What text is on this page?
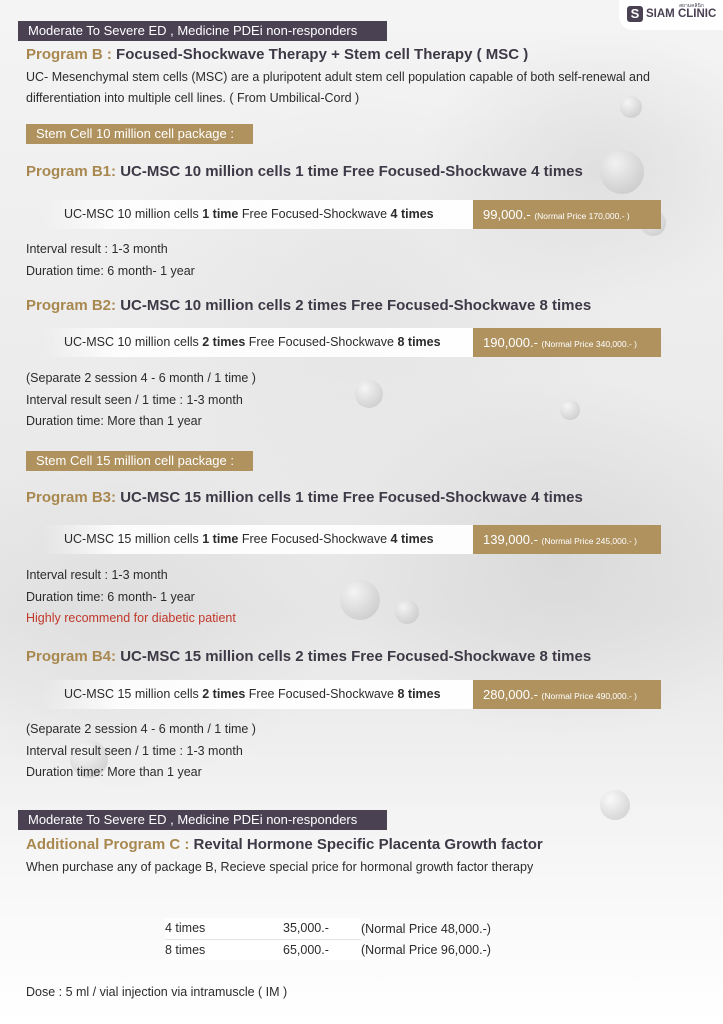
S	สยามคลินิก
SIAM CLINIC
Moderate To Severe ED , Medicine PDEi non-responders
Program B : Focused-Shockwave Therapy + Stem cell Therapy ( MSC )
UC- Mesenchymal stem cells (MSC) are a pluripotent adult stem cell population capable of both self-renewal and
differentiation into multiple cell lines. ( From Umbilical-Cord )
Stem Cell 10 million cell package :
Program B1: UC-MSC 10 million cells 1 time Free Focused-Shockwave 4 times
UC-MSC 10 million cells 1 time Free Focused-Shockwave 4 times	99,000.- (Normal Price 170,000.- )
Interval result : 1-3 month
Duration time: 6 month- 1 year
Program B2: UC-MSC 10 million cells 2 times Free Focused-Shockwave 8 times
UC-MSC 10 million cells 2 times Free Focused-Shockwave 8 times	190,000.- (Normal Price 340,000.- )
(Separate 2 session 4 - 6 month / 1 time )
Interval result seen / 1 time : 1-3 month
Duration time: More than 1 year
Stem Cell 15 million cell package :
Program B3: UC-MSC 15 million cells 1 time Free Focused-Shockwave 4 times
UC-MSC 15 million cells 1 time Free Focused-Shockwave 4 times	139,000.- (Normal Price 245,000.- )
Interval result : 1-3 month
Duration time: 6 month- 1 year
Highly recommend for diabetic patient
Program B4: UC-MSC 15 million cells 2 times Free Focused-Shockwave 8 times
UC-MSC 15 million cells 2 times Free Focused-Shockwave 8 times	280,000.- (Normal Price 490,000.- )
(Separate 2 session 4 - 6 month / 1 time )
Interval result seen / 1 time : 1-3 month
Duration time: More than 1 year
Moderate To Severe ED , Medicine PDEi non-responders
Additional Program C : Revital Hormone Specific Placenta Growth factor
When purchase any of package B, Recieve special price for hormonal growth factor therapy
4 times	35,000.-	(Normal Price 48,000.-)
8 times	65,000.-	(Normal Price 96,000.-)
Dose : 5 ml / vial injection via intramuscle ( IM )
